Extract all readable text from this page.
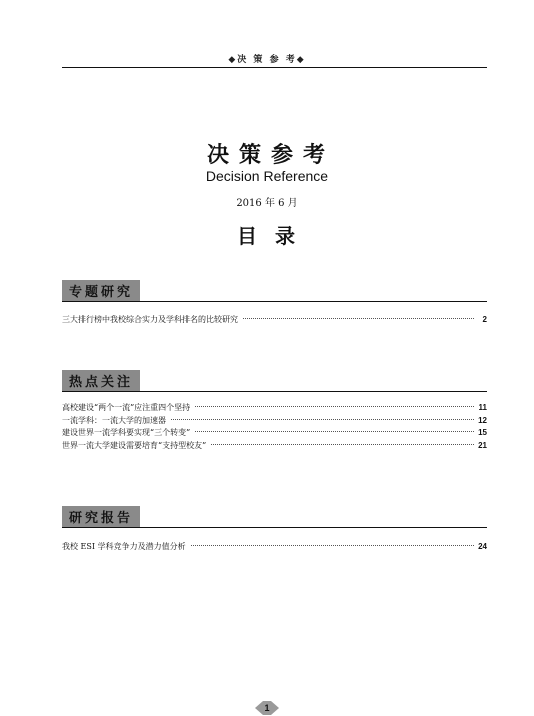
◆决 策 参 考◆
决策参考
Decision Reference
2016 年 6 月
目录
专题研究
三大排行榜中我校综合实力及学科排名的比较研究	2
热点关注
高校建设“两个一流”应注重四个坚持	11
一流学科：一流大学的加速器	12
建设世界一流学科要实现“三个转变”	15
世界一流大学建设需要培育“支持型校友”	21
研究报告
我校 ESI 学科竞争力及潜力值分析	24
1
